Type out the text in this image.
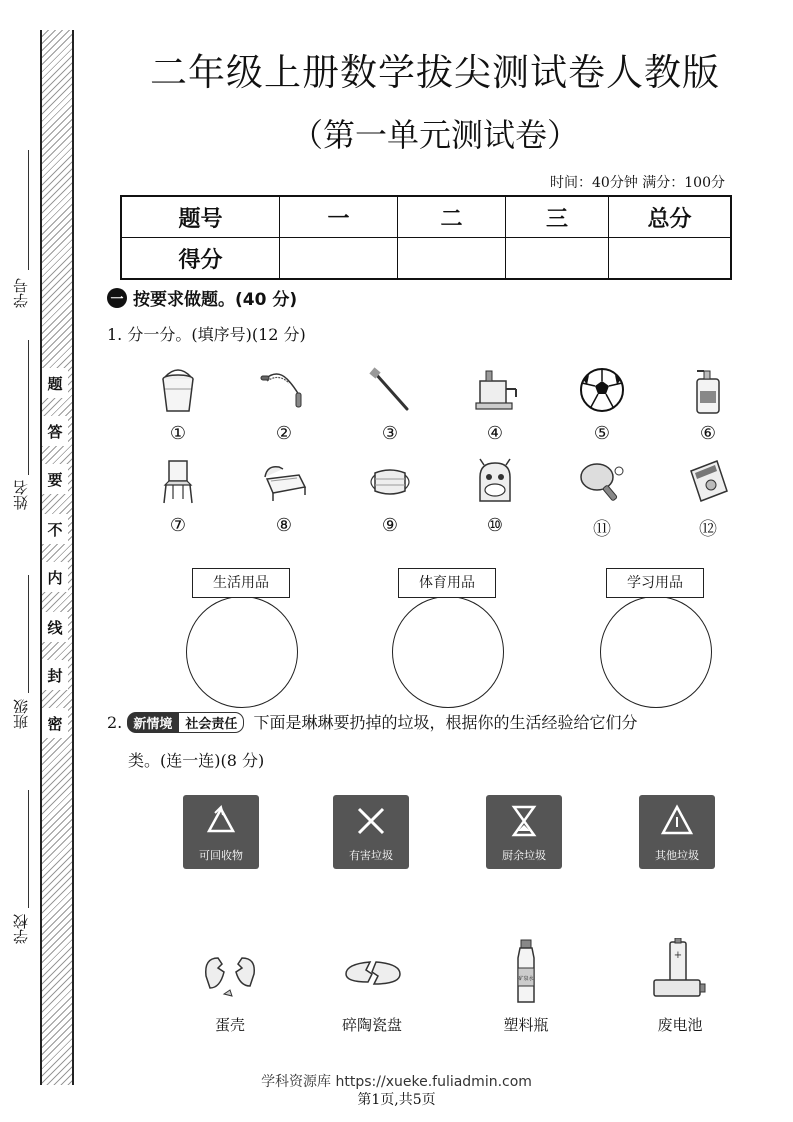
题
答
要
不
内
线
封
密
学号
姓名
班级
学校
二年级上册数学拔尖测试卷人教版
（第一单元测试卷）
时间：40分钟 满分：100分
题号	一	二	三	总分
得分				
一 按要求做题。(40 分)
1. 分一分。(填序号)(12 分)
①	②	③	④	⑤	⑥
⑦	⑧	⑨	⑩	⑪	⑫
生活用品	体育用品	学习用品
2. 新情境 社会责任 下面是琳琳要扔掉的垃圾，根据你的生活经验给它们分
类。(连一连)(8 分)
可回收物	有害垃圾	厨余垃圾	其他垃圾
蛋壳	碎陶瓷盘
矿泉水
塑料瓶
+
废电池
学科资源库 https://xueke.fuliadmin.com
第1页,共5页
